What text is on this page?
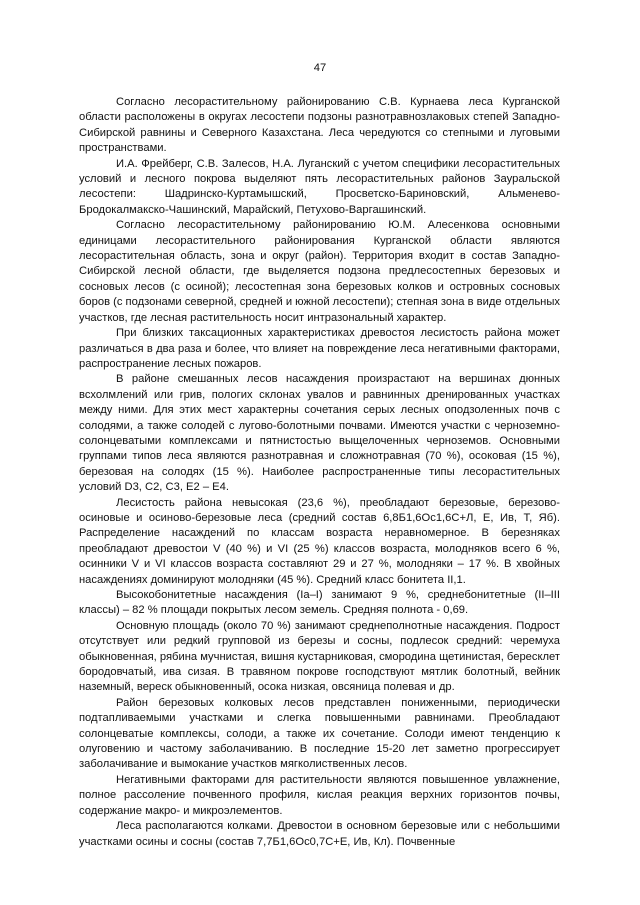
47

Согласно лесорастительному районированию С.В. Курнаева леса Курганской области расположены в округах лесостепи подзоны разнотравнозлаковых степей Западно-Сибирской равнины и Северного Казахстана. Леса чередуются со степными и луговыми пространствами.

И.А. Фрейберг, С.В. Залесов, Н.А. Луганский с учетом специфики лесорастительных условий и лесного покрова выделяют пять лесорастительных районов Зауральской лесостепи: Шадринско-Куртамышский, Просветско-Бариновский, Альменево-Бродокалмакско-Чашинский, Марайский, Петухово-Варгашинский.

Согласно лесорастительному районированию Ю.М. Алесенкова основными единицами лесорастительного районирования Курганской области являются лесорастительная область, зона и округ (район). Территория входит в состав Западно-Сибирской лесной области, где выделяется подзона предлесостепных березовых и сосновых лесов (с осиной); лесостепная зона березовых колков и островных сосновых боров (с подзонами северной, средней и южной лесостепи); степная зона в виде отдельных участков, где лесная растительность носит интразональный характер.

При близких таксационных характеристиках древостоя лесистость района может различаться в два раза и более, что влияет на повреждение леса негативными факторами, распространение лесных пожаров.

В районе смешанных лесов насаждения произрастают на вершинах дюнных всхолмлений или грив, пологих склонах увалов и равнинных дренированных участках между ними. Для этих мест характерны сочетания серых лесных оподзоленных почв с солодями, а также солодей с лугово-болотными почвами. Имеются участки с черноземно-солонцеватыми комплексами и пятнистостью выщелоченных черноземов. Основными группами типов леса являются разнотравная и сложнотравная (70 %), осоковая (15 %), березовая на солодях (15 %). Наиболее распространенные типы лесорастительных условий D3, C2, C3, E2 – E4.

Лесистость района невысокая (23,6 %), преобладают березовые, березово-осиновые и осиново-березовые леса (средний состав 6,8Б1,6Ос1,6С+Л, Е, Ив, Т, Яб). Распределение насаждений по классам возраста неравномерное. В березняках преобладают древостои V (40 %) и VI (25 %) классов возраста, молодняков всего 6 %, осинники V и VI классов возраста составляют 29 и 27 %, молодняки – 17 %. В хвойных насаждениях доминируют молодняки (45 %). Средний класс бонитета II,1.

Высокобонитетные насаждения (Ia–I) занимают 9 %, среднебонитетные (II–III классы) – 82 % площади покрытых лесом земель. Средняя полнота - 0,69.

Основную площадь (около 70 %) занимают среднеполнотные насаждения. Подрост отсутствует или редкий групповой из березы и сосны, подлесок средний: черемуха обыкновенная, рябина мучнистая, вишня кустарниковая, смородина щетинистая, бересклет бородовчатый, ива сизая. В травяном покрове господствуют мятлик болотный, вейник наземный, вереск обыкновенный, осока низкая, овсяница полевая и др.

Район березовых колковых лесов представлен пониженными, периодически подтапливаемыми участками и слегка повышенными равнинами. Преобладают солонцеватые комплексы, солоди, а также их сочетание. Солоди имеют тенденцию к олуговению и частому заболачиванию. В последние 15-20 лет заметно прогрессирует заболачивание и вымокание участков мягколиственных лесов.

Негативными факторами для растительности являются повышенное увлажнение, полное рассоление почвенного профиля, кислая реакция верхних горизонтов почвы, содержание макро- и микроэлементов.

Леса располагаются колками. Древостои в основном березовые или с небольшими участками осины и сосны (состав 7,7Б1,6Ос0,7С+Е, Ив, Кл). Почвенные
